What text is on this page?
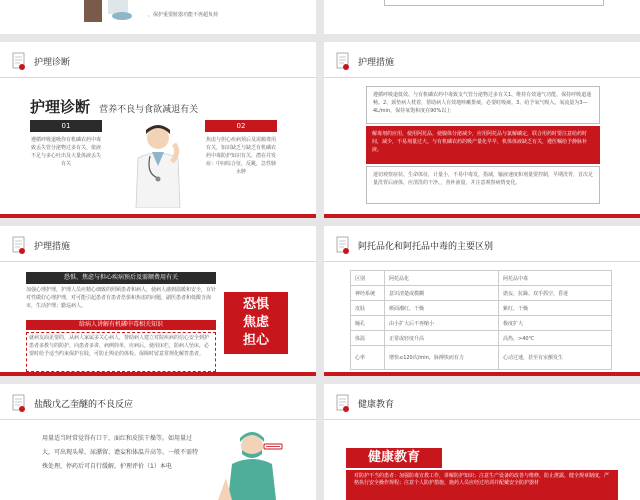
，保护重要脏器功能不再超负荷
护理诊断
护理诊断 营养不良与食欲减退有关
01
遵循呼吸道吸你有机磷农药中毒致丢失管分泌物过多有关，依液不足与多心吐出及大量体液丢失有关
02
焦虑与担心疾病预后及需额费用有关，知识缺乏与缺乏有机磷农药中毒防护知识有关，潜在并发症：中间综合征，反跳，急性肺水肿
护理措施
遵循呼吸道低效、与有机磷农药中毒致支气管分泌物过多有关1、维持有效通气功能，保持呼吸道通畅。2、颈垫病人枕着，帮助病人有效地咳嗽排痰，必要时吸痰。3、给予氧气吸入，氧流量为3—4L/min，保持氧饱和度在90%以上
解毒剂的应用，使用阿托品，使腺体分泌减少，应用阿托品与氯解磷定，联合用药时要注意给药时间，减少，不易剂量过大。与有机磷农药的吸产量化早早，机体体液缺乏有关，遵医嘱给予静脉补液。
迷切观察症状、生命体征，计量小，不易中毒发，指减，输液速度和剂量要控制，早期洗胃，首次足量洗胃后液体，应清洗的干净。，查补液量，并注意观察病情变化。
护理措施
恐惧、焦虑与担心疾病预后及需额费用有关
加强心理护理，护理人员应精心细致的照顾患者和病人，使病人感到温暖和安全，有针对性做好心理护理，对可能引起患者有患者恐惧和焦虑的问题，副医患者和低酸含海市，生活护理；勤巡病人。
给病人讲解有机磷中毒相关知识
就病友面见要的，从病人家属多关心病人，帮助病人建立对院疾病的信心安全到护患者多教与的防护，向患者多讲，病例简单，应病后，使用床栏，防病人坠床，必要时给予适当约束保护在肢，可防止舆论的体检。保障时留意常规化解答患者。
恐惧
焦虑
担心
阿托品化和阿托品中毒的主要区别
区别	阿托品化	阿托品中毒
神经系统	意识清楚或模糊	谵妄、抗躁、双手抓空、昏迷
皮肤	颜面潮红、干燥	紫红、干燥
瞳孔	由小扩大后不再缩小	极度扩大
体温	正常或轻度升高	高热，>40℃
心率	增快≤120次/min，脉搏快而有力	心动过速，甚至有室颤发生
盐酸戊乙奎醚的不良反应
用量适当时常觉得有口干、面红和皮肤干燥等。如用量过大，可出现头晕、尿潴留、谵妄和体温升高等。一般不需特殊处理，停药后可自行缓解。护理评价（1）本电
健康教育
健康教育
对防护不当的患者：加强防毒宣教工作，讲解防护知识；注意生产设备的改善与维修，防止泄露，健全规章制度，严格执行安全操作规程；注意个人防护措施，施药人员应经过培训并配戴安全防护器材
